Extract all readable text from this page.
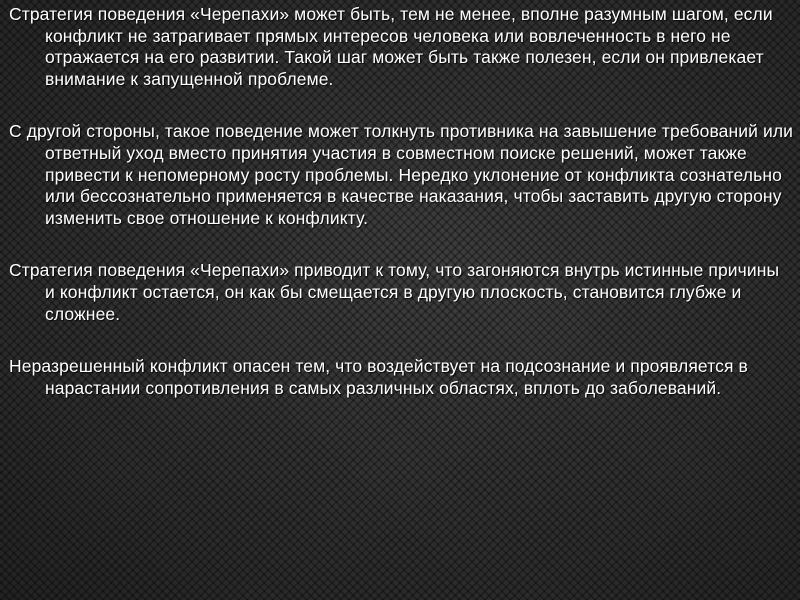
Стратегия поведения «Черепахи» может быть, тем не менее, вполне разумным шагом, если конфликт не затрагивает прямых интересов человека или вовлеченность в него не отражается на его развитии. Такой шаг может быть также полезен, если он привлекает внимание к запущенной проблеме.

С другой стороны, такое поведение может толкнуть противника на завышение требований или ответный уход вместо принятия участия в совместном поиске решений, может также привести к непомерному росту проблемы. Нередко уклонение от конфликта сознательно или бессознательно применяется в качестве наказания, чтобы заставить другую сторону изменить свое отношение к конфликту.

Стратегия поведения «Черепахи» приводит к тому, что загоняются внутрь истинные причины и конфликт остается, он как бы смещается в другую плоскость, становится глубже и сложнее.

Неразрешенный конфликт опасен тем, что воздействует на подсознание и проявляется в нарастании сопротивления в самых различных областях, вплоть до заболеваний.
